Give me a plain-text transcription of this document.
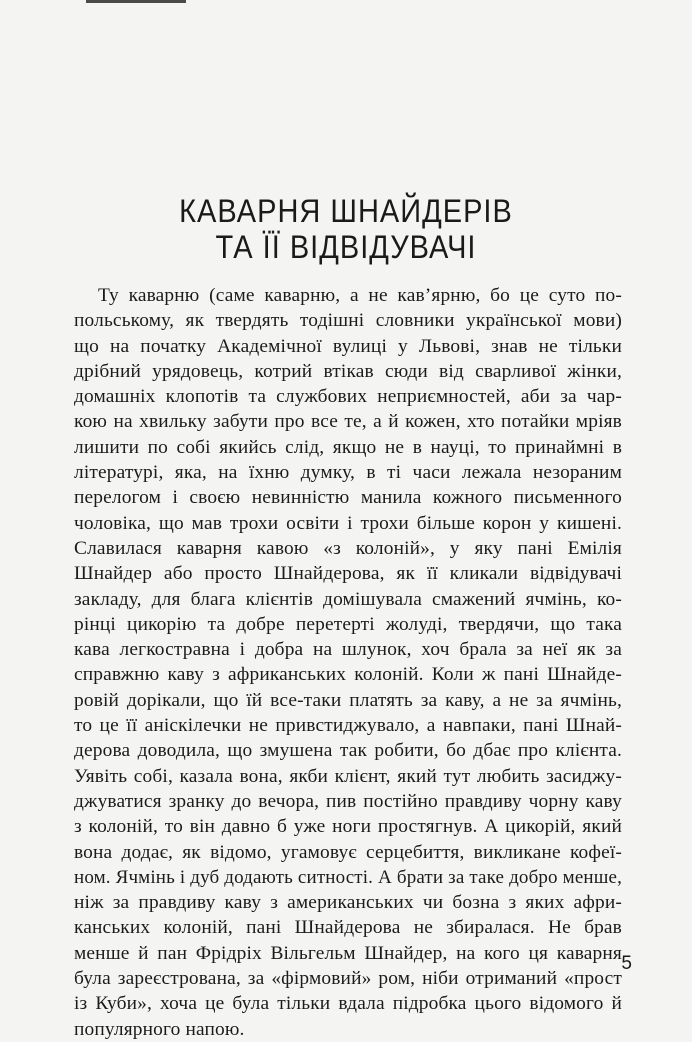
КАВАРНЯ ШНАЙДЕРІВ
ТА ЇЇ ВІДВІДУВАЧІ
Ту каварню (саме каварню, а не кав’ярню, бо це суто по-
польському, як твердять тодішні словники української мови)
що на початку Академічної вулиці у Львові, знав не тільки
дрібний урядовець, котрий втікав сюди від сварливої жінки,
домашніх клопотів та службових неприємностей, аби за чар-
кою на хвильку забути про все те, а й кожен, хто потайки мріяв
лишити по собі якийсь слід, якщо не в науці, то принаймні в
літературі, яка, на їхню думку, в ті часи лежала незораним
перелогом і своєю невинністю манила кожного письменного
чоловіка, що мав трохи освіти і трохи більше корон у кишені.
Славилася каварня кавою «з колоній», у яку пані Емілія
Шнайдер або просто Шнайдерова, як її кликали відвідувачі
закладу, для блага клієнтів домішувала смажений ячмінь, ко-
рінці цикорію та добре перетерті жолуді, твердячи, що така
кава легкостравна і добра на шлунок, хоч брала за неї як за
справжню каву з африканських колоній. Коли ж пані Шнайде-
ровій дорікали, що їй все-таки платять за каву, а не за ячмінь,
то це її аніскілечки не привстиджувало, а навпаки, пані Шнай-
дерова доводила, що змушена так робити, бо дбає про клієнта.
Уявіть собі, казала вона, якби клієнт, який тут любить засиджу-
джуватися зранку до вечора, пив постійно правдиву чорну каву
з колоній, то він давно б уже ноги простягнув. А цикорій, який
вона додає, як відомо, угамовує серцебиття, викликане кофеї-
ном. Ячмінь і дуб додають ситності. А брати за таке добро менше,
ніж за правдиву каву з американських чи бозна з яких афри-
канських колоній, пані Шнайдерова не збиралася. Не брав
менше й пан Фрідріх Вільгельм Шнайдер, на кого ця каварня
була зареєстрована, за «фірмовий» ром, ніби отриманий «прост
із Куби», хоча це була тільки вдала підробка цього відомого й
популярного напою.
5
